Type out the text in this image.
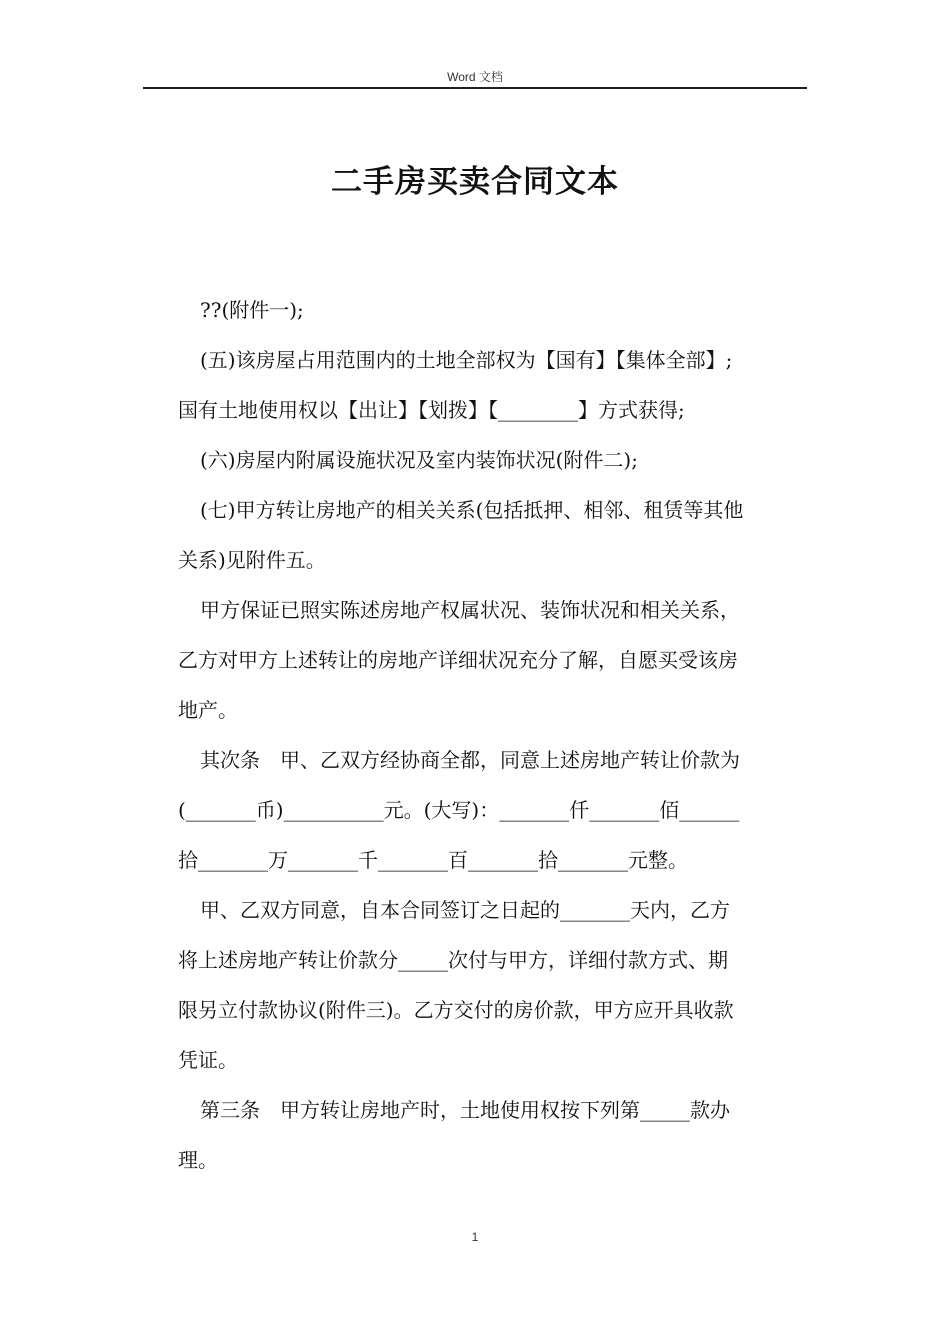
Word 文档
二手房买卖合同文本
??(附件一);
(五)该房屋占用范围内的土地全部权为【国有】【集体全部】;
国有土地使用权以【出让】【划拨】【________】方式获得;
(六)房屋内附属设施状况及室内装饰状况(附件二);
(七)甲方转让房地产的相关关系(包括抵押、相邻、租赁等其他
关系)见附件五。
甲方保证已照实陈述房地产权属状况、装饰状况和相关关系，
乙方对甲方上述转让的房地产详细状况充分了解，自愿买受该房
地产。
其次条　甲、乙双方经协商全都，同意上述房地产转让价款为
(_______币)__________元。(大写)：_______仟_______佰______
拾_______万_______千_______百_______拾_______元整。
甲、乙双方同意，自本合同签订之日起的_______天内，乙方
将上述房地产转让价款分_____次付与甲方，详细付款方式、期
限另立付款协议(附件三)。乙方交付的房价款，甲方应开具收款
凭证。
第三条　甲方转让房地产时，土地使用权按下列第_____款办
理。
1
